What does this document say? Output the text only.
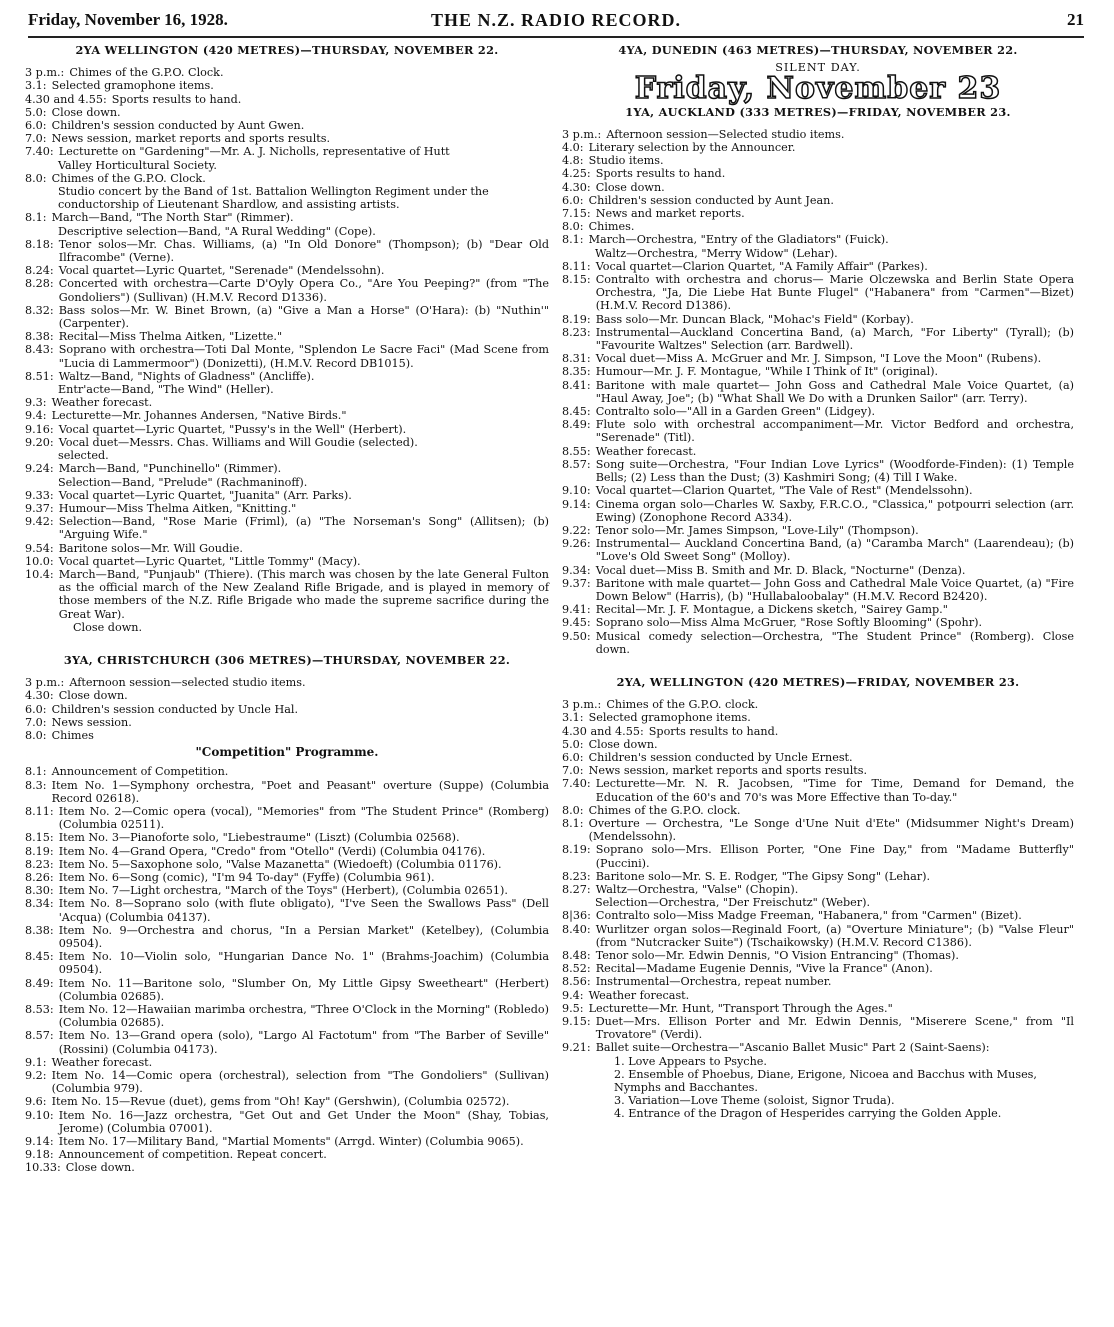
Friday, November 16, 1928.	THE N.Z. RADIO RECORD.	21
2YA WELLINGTON (420 METRES)—THURSDAY, NOVEMBER 22.
3 p.m.: Chimes of the G.P.O. Clock.
3.1: Selected gramophone items.
4.30 and 4.55: Sports results to hand.
5.0: Close down.
6.0: Children's session conducted by Aunt Gwen.
7.0: News session, market reports and sports results.
7.40: Lecturette on "Gardening"—Mr. A. J. Nicholls, representative of Hutt
Valley Horticultural Society.
8.0: Chimes of the G.P.O. Clock.
Studio concert by the Band of 1st. Battalion Wellington Regiment under the conductorship of Lieutenant Shardlow, and assisting artists.
8.1: March—Band, "The North Star" (Rimmer).
Descriptive selection—Band, "A Rural Wedding" (Cope).
8.18: Tenor solos—Mr. Chas. Williams, (a) "In Old Donore" (Thompson); (b) "Dear Old Ilfracombe" (Verne).
8.24: Vocal quartet—Lyric Quartet, "Serenade" (Mendelssohn).
8.28: Concerted with orchestra—Carte D'Oyly Opera Co., "Are You Peeping?" (from "The Gondoliers") (Sullivan) (H.M.V. Record D1336).
8.32: Bass solos—Mr. W. Binet Brown, (a) "Give a Man a Horse" (O'Hara): (b) "Nuthin'" (Carpenter).
8.38: Recital—Miss Thelma Aitken, "Lizette."
8.43: Soprano with orchestra—Toti Dal Monte, "Splendon Le Sacre Faci" (Mad Scene from "Lucia di Lammermoor") (Donizetti), (H.M.V. Record DB1015).
8.51: Waltz—Band, "Nights of Gladness" (Ancliffe).
Entr'acte—Band, "The Wind" (Heller).
9.3: Weather forecast.
9.4: Lecturette—Mr. Johannes Andersen, "Native Birds."
9.16: Vocal quartet—Lyric Quartet, "Pussy's in the Well" (Herbert).
9.20: Vocal duet—Messrs. Chas. Williams and Will Goudie (selected).
selected.
9.24: March—Band, "Punchinello" (Rimmer).
Selection—Band, "Prelude" (Rachmaninoff).
9.33: Vocal quartet—Lyric Quartet, "Juanita" (Arr. Parks).
9.37: Humour—Miss Thelma Aitken, "Knitting."
9.42: Selection—Band, "Rose Marie (Friml), (a) "The Norseman's Song" (Allitsen); (b) "Arguing Wife."
9.54: Baritone solos—Mr. Will Goudie.
10.0: Vocal quartet—Lyric Quartet, "Little Tommy" (Macy).
10.4: March—Band, "Punjaub" (Thiere). (This march was chosen by the late General Fulton as the official march of the New Zealand Rifle Brigade, and is played in memory of those members of the N.Z. Rifle Brigade who made the supreme sacrifice during the Great War).
Close down.
3YA, CHRISTCHURCH (306 METRES)—THURSDAY, NOVEMBER 22.
3 p.m.: Afternoon session—selected studio items.
4.30: Close down.
6.0: Children's session conducted by Uncle Hal.
7.0: News session.
8.0: Chimes
"Competition" Programme.
8.1: Announcement of Competition.
8.3: Item No. 1—Symphony orchestra, "Poet and Peasant" overture (Suppe) (Columbia Record 02618).
8.11: Item No. 2—Comic opera (vocal), "Memories" from "The Student Prince" (Romberg) (Columbia 02511).
8.15: Item No. 3—Pianoforte solo, "Liebestraume" (Liszt) (Columbia 02568).
8.19: Item No. 4—Grand Opera, "Credo" from "Otello" (Verdi) (Columbia 04176).
8.23: Item No. 5—Saxophone solo, "Valse Mazanetta" (Wiedoeft) (Columbia 01176).
8.26: Item No. 6—Song (comic), "I'm 94 To-day" (Fyffe) (Columbia 961).
8.30: Item No. 7—Light orchestra, "March of the Toys" (Herbert), (Columbia 02651).
8.34: Item No. 8—Soprano solo (with flute obligato), "I've Seen the Swallows Pass" (Dell 'Acqua) (Columbia 04137).
8.38: Item No. 9—Orchestra and chorus, "In a Persian Market" (Ketelbey), (Columbia 09504).
8.45: Item No. 10—Violin solo, "Hungarian Dance No. 1" (Brahms-Joachim) (Columbia 09504).
8.49: Item No. 11—Baritone solo, "Slumber On, My Little Gipsy Sweetheart" (Herbert) (Columbia 02685).
8.53: Item No. 12—Hawaiian marimba orchestra, "Three O'Clock in the Morning" (Robledo) (Columbia 02685).
8.57: Item No. 13—Grand opera (solo), "Largo Al Factotum" from "The Barber of Seville" (Rossini) (Columbia 04173).
9.1: Weather forecast.
9.2: Item No. 14—Comic opera (orchestral), selection from "The Gondoliers" (Sullivan) (Columbia 979).
9.6: Item No. 15—Revue (duet), gems from "Oh! Kay" (Gershwin), (Columbia 02572).
9.10: Item No. 16—Jazz orchestra, "Get Out and Get Under the Moon" (Shay, Tobias, Jerome) (Columbia 07001).
9.14: Item No. 17—Military Band, "Martial Moments" (Arrgd. Winter) (Columbia 9065).
9.18: Announcement of competition. Repeat concert.
10.33: Close down.
4YA, DUNEDIN (463 METRES)—THURSDAY, NOVEMBER 22.
SILENT DAY.
Friday, November 23
1YA, AUCKLAND (333 METRES)—FRIDAY, NOVEMBER 23.
3 p.m.: Afternoon session—Selected studio items.
4.0: Literary selection by the Announcer.
4.8: Studio items.
4.25: Sports results to hand.
4.30: Close down.
6.0: Children's session conducted by Aunt Jean.
7.15: News and market reports.
8.0: Chimes.
8.1: March—Orchestra, "Entry of the Gladiators" (Fuick).
Waltz—Orchestra, "Merry Widow" (Lehar).
8.11: Vocal quartet—Clarion Quartet, "A Family Affair" (Parkes).
8.15: Contralto with orchestra and chorus— Marie Olczewska and Berlin State Opera Orchestra, "Ja, Die Liebe Hat Bunte Flugel" ("Habanera" from "Carmen"—Bizet) (H.M.V. Record D1386).
8.19: Bass solo—Mr. Duncan Black, "Mohac's Field" (Korbay).
8.23: Instrumental—Auckland Concertina Band, (a) March, "For Liberty" (Tyrall); (b) "Favourite Waltzes" Selection (arr. Bardwell).
8.31: Vocal duet—Miss A. McGruer and Mr. J. Simpson, "I Love the Moon" (Rubens).
8.35: Humour—Mr. J. F. Montague, "While I Think of It" (original).
8.41: Baritone with male quartet— John Goss and Cathedral Male Voice Quartet, (a) "Haul Away, Joe"; (b) "What Shall We Do with a Drunken Sailor" (arr. Terry).
8.45: Contralto solo—"All in a Garden Green" (Lidgey).
8.49: Flute solo with orchestral accompaniment—Mr. Victor Bedford and orchestra, "Serenade" (Titl).
8.55: Weather forecast.
8.57: Song suite—Orchestra, "Four Indian Love Lyrics" (Woodforde-Finden): (1) Temple Bells; (2) Less than the Dust; (3) Kashmiri Song; (4) Till I Wake.
9.10: Vocal quartet—Clarion Quartet, "The Vale of Rest" (Mendelssohn).
9.14: Cinema organ solo—Charles W. Saxby, F.R.C.O., "Classica," potpourri selection (arr. Ewing) (Zonophone Record A334).
9.22: Tenor solo—Mr. James Simpson, "Love-Lily" (Thompson).
9.26: Instrumental— Auckland Concertina Band, (a) "Caramba March" (Laarendeau); (b) "Love's Old Sweet Song" (Molloy).
9.34: Vocal duet—Miss B. Smith and Mr. D. Black, "Nocturne" (Denza).
9.37: Baritone with male quartet— John Goss and Cathedral Male Voice Quartet, (a) "Fire Down Below" (Harris), (b) "Hullabaloobalay" (H.M.V. Record B2420).
9.41: Recital—Mr. J. F. Montague, a Dickens sketch, "Sairey Gamp."
9.45: Soprano solo—Miss Alma McGruer, "Rose Softly Blooming" (Spohr).
9.50: Musical comedy selection—Orchestra, "The Student Prince" (Romberg). Close down.
2YA, WELLINGTON (420 METRES)—FRIDAY, NOVEMBER 23.
3 p.m.: Chimes of the G.P.O. clock.
3.1: Selected gramophone items.
4.30 and 4.55: Sports results to hand.
5.0: Close down.
6.0: Children's session conducted by Uncle Ernest.
7.0: News session, market reports and sports results.
7.40: Lecturette—Mr. N. R. Jacobsen, "Time for Time, Demand for Demand, the Education of the 60's and 70's was More Effective than To-day."
8.0: Chimes of the G.P.O. clock.
8.1: Overture — Orchestra, "Le Songe d'Une Nuit d'Ete" (Midsummer Night's Dream) (Mendelssohn).
8.19: Soprano solo—Mrs. Ellison Porter, "One Fine Day," from "Madame Butterfly" (Puccini).
8.23: Baritone solo—Mr. S. E. Rodger, "The Gipsy Song" (Lehar).
8.27: Waltz—Orchestra, "Valse" (Chopin).
Selection—Orchestra, "Der Freischutz" (Weber).
8|36: Contralto solo—Miss Madge Freeman, "Habanera," from "Carmen" (Bizet).
8.40: Wurlitzer organ solos—Reginald Foort, (a) "Overture Miniature"; (b) "Valse Fleur" (from "Nutcracker Suite") (Tschaikowsky) (H.M.V. Record C1386).
8.48: Tenor solo—Mr. Edwin Dennis, "O Vision Entrancing" (Thomas).
8.52: Recital—Madame Eugenie Dennis, "Vive la France" (Anon).
8.56: Instrumental—Orchestra, repeat number.
9.4: Weather forecast.
9.5: Lecturette—Mr. Hunt, "Transport Through the Ages."
9.15: Duet—Mrs. Ellison Porter and Mr. Edwin Dennis, "Miserere Scene," from "Il Trovatore" (Verdi).
9.21: Ballet suite—Orchestra—"Ascanio Ballet Music" Part 2 (Saint-Saens):
1. Love Appears to Psyche.
2. Ensemble of Phoebus, Diane, Erigone, Nicoea and Bacchus with Muses, Nymphs and Bacchantes.
3. Variation—Love Theme (soloist, Signor Truda).
4. Entrance of the Dragon of Hesperides carrying the Golden Apple.
